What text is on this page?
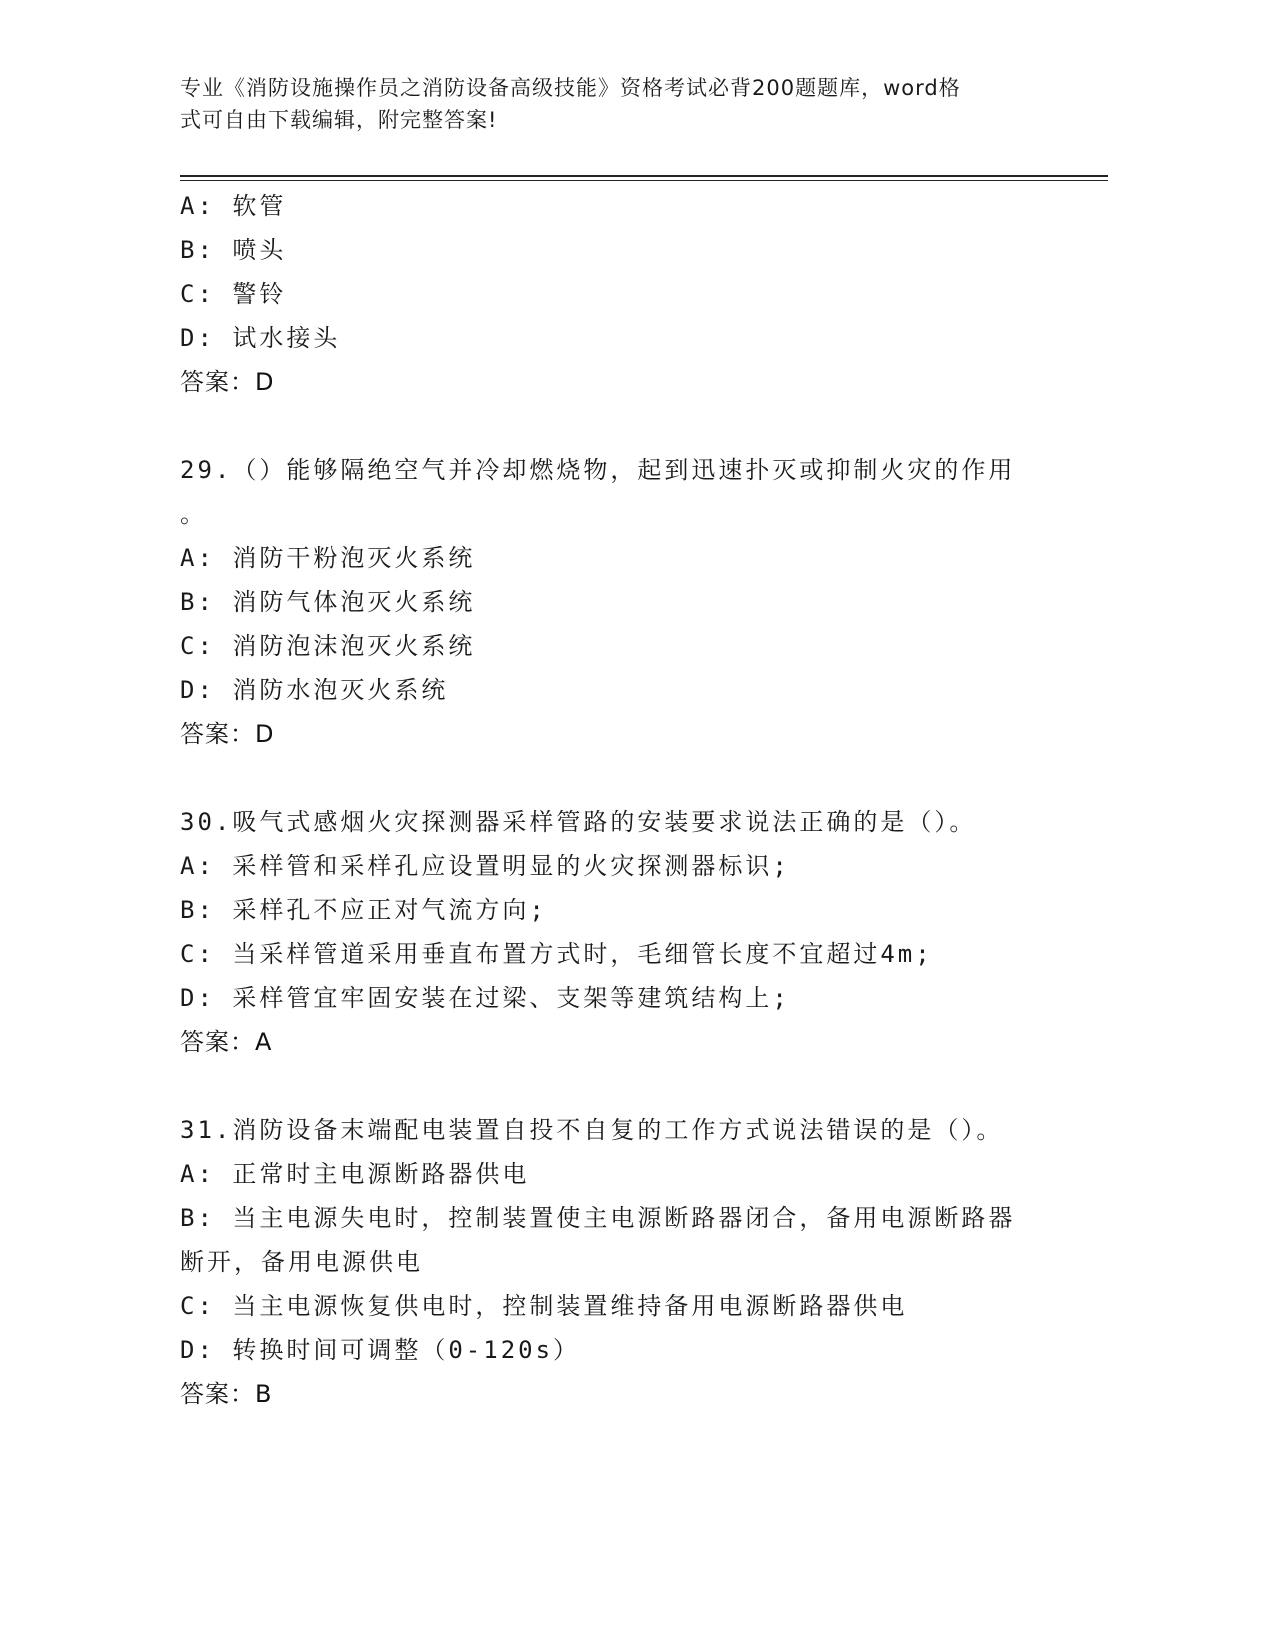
专业《消防设施操作员之消防设备高级技能》资格考试必背200题题库，word格
式可自由下载编辑，附完整答案!
A: 软管
B: 喷头
C: 警铃
D: 试水接头
答案：D
29.（）能够隔绝空气并冷却燃烧物，起到迅速扑灭或抑制火灾的作用
。
A: 消防干粉泡灭火系统
B: 消防气体泡灭火系统
C: 消防泡沫泡灭火系统
D: 消防水泡灭火系统
答案：D
30.吸气式感烟火灾探测器采样管路的安装要求说法正确的是（）。
A: 采样管和采样孔应设置明显的火灾探测器标识;
B: 采样孔不应正对气流方向;
C: 当采样管道采用垂直布置方式时，毛细管长度不宜超过4m;
D: 采样管宜牢固安装在过梁、支架等建筑结构上;
答案：A
31.消防设备末端配电装置自投不自复的工作方式说法错误的是（）。
A: 正常时主电源断路器供电
B: 当主电源失电时，控制装置使主电源断路器闭合，备用电源断路器
断开，备用电源供电
C: 当主电源恢复供电时，控制装置维持备用电源断路器供电
D: 转换时间可调整（0-120s）
答案：B
